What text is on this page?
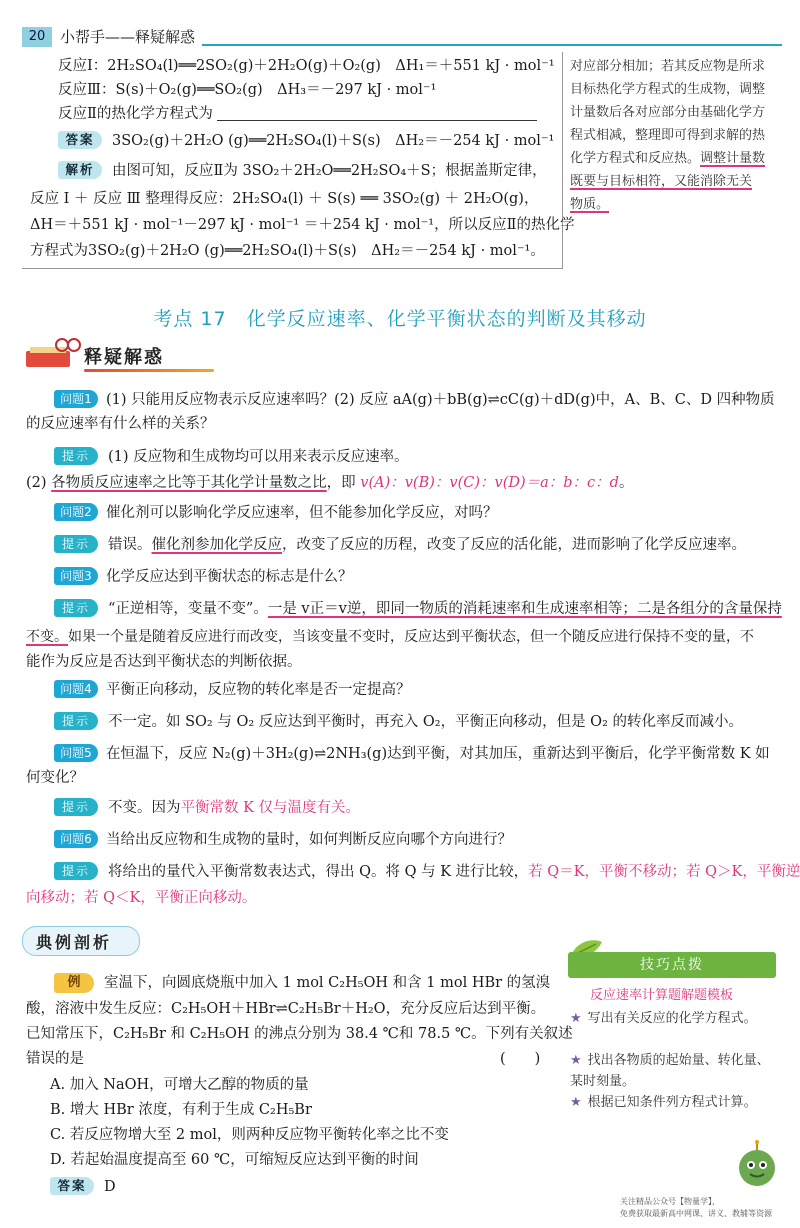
20 小帮手——释疑解惑
反应Ⅰ：2H₂SO₄(l)══2SO₂(g)＋2H₂O(g)＋O₂(g)　ΔH₁＝＋551 kJ · mol⁻¹
反应Ⅲ：S(s)＋O₂(g)══SO₂(g)　ΔH₃＝－297 kJ · mol⁻¹
反应Ⅱ的热化学方程式为
答案 3SO₂(g)＋2H₂O (g)══2H₂SO₄(l)＋S(s)　ΔH₂＝－254 kJ · mol⁻¹
解析 由图可知，反应Ⅱ为 3SO₂＋2H₂O══2H₂SO₄＋S；根据盖斯定律，
反应 Ⅰ ＋ 反应 Ⅲ 整理得反应：2H₂SO₄(l) ＋ S(s) ══ 3SO₂(g) ＋ 2H₂O(g)，
ΔH＝＋551 kJ · mol⁻¹－297 kJ · mol⁻¹ ＝＋254 kJ · mol⁻¹，所以反应Ⅱ的热化学
方程式为3SO₂(g)＋2H₂O (g)══2H₂SO₄(l)＋S(s)　ΔH₂＝－254 kJ · mol⁻¹。
对应部分相加；若其反应物是所求
目标热化学方程式的生成物，调整
计量数后各对应部分由基础化学方
程式相减，整理即可得到求解的热
化学方程式和反应热。调整计量数
既要与目标相符，又能消除无关
物质。
考点 17　化学反应速率、化学平衡状态的判断及其移动
释疑解惑
问题1 (1) 只能用反应物表示反应速率吗？(2) 反应 aA(g)＋bB(g)⇌cC(g)＋dD(g)中，A、B、C、D 四种物质
的反应速率有什么样的关系？
提示 (1) 反应物和生成物均可以用来表示反应速率。
(2) 各物质反应速率之比等于其化学计量数之比，即 v(A)：v(B)：v(C)：v(D)＝a：b：c：d。
问题2 催化剂可以影响化学反应速率，但不能参加化学反应，对吗？
提示 错误。催化剂参加化学反应，改变了反应的历程，改变了反应的活化能，进而影响了化学反应速率。
问题3 化学反应达到平衡状态的标志是什么？
提示 “正逆相等，变量不变”。一是 v正＝v逆，即同一物质的消耗速率和生成速率相等；二是各组分的含量保持
不变。如果一个量是随着反应进行而改变，当该变量不变时，反应达到平衡状态，但一个随反应进行保持不变的量，不
能作为反应是否达到平衡状态的判断依据。
问题4 平衡正向移动，反应物的转化率是否一定提高？
提示 不一定。如 SO₂ 与 O₂ 反应达到平衡时，再充入 O₂，平衡正向移动，但是 O₂ 的转化率反而减小。
问题5 在恒温下，反应 N₂(g)＋3H₂(g)⇌2NH₃(g)达到平衡，对其加压，重新达到平衡后，化学平衡常数 K 如
何变化？
提示 不变。因为平衡常数 K 仅与温度有关。
问题6 当给出反应物和生成物的量时，如何判断反应向哪个方向进行？
提示 将给出的量代入平衡常数表达式，得出 Q。将 Q 与 K 进行比较，若 Q＝K，平衡不移动；若 Q＞K，平衡逆
向移动；若 Q＜K，平衡正向移动。
典例剖析
例 室温下，向圆底烧瓶中加入 1 mol C₂H₅OH 和含 1 mol HBr 的氢溴
酸，溶液中发生反应：C₂H₅OH＋HBr⇌C₂H₅Br＋H₂O，充分反应后达到平衡。
已知常压下，C₂H₅Br 和 C₂H₅OH 的沸点分别为 38.4 ℃和 78.5 ℃。下列有关叙述
错误的是	(　　)
A. 加入 NaOH，可增大乙醇的物质的量
B. 增大 HBr 浓度，有利于生成 C₂H₅Br
C. 若反应物增大至 2 mol，则两种反应物平衡转化率之比不变
D. 若起始温度提高至 60 ℃，可缩短反应达到平衡的时间
答案 D
技巧点拨
反应速率计算题解题模板
★ 写出有关反应的化学方程式。
★ 找出各物质的起始量、转化量、某时刻量。
★ 根据已知条件列方程式计算。
关注精品公众号【物量学】，
免费获取最新高中网课、讲义、教辅等资源
